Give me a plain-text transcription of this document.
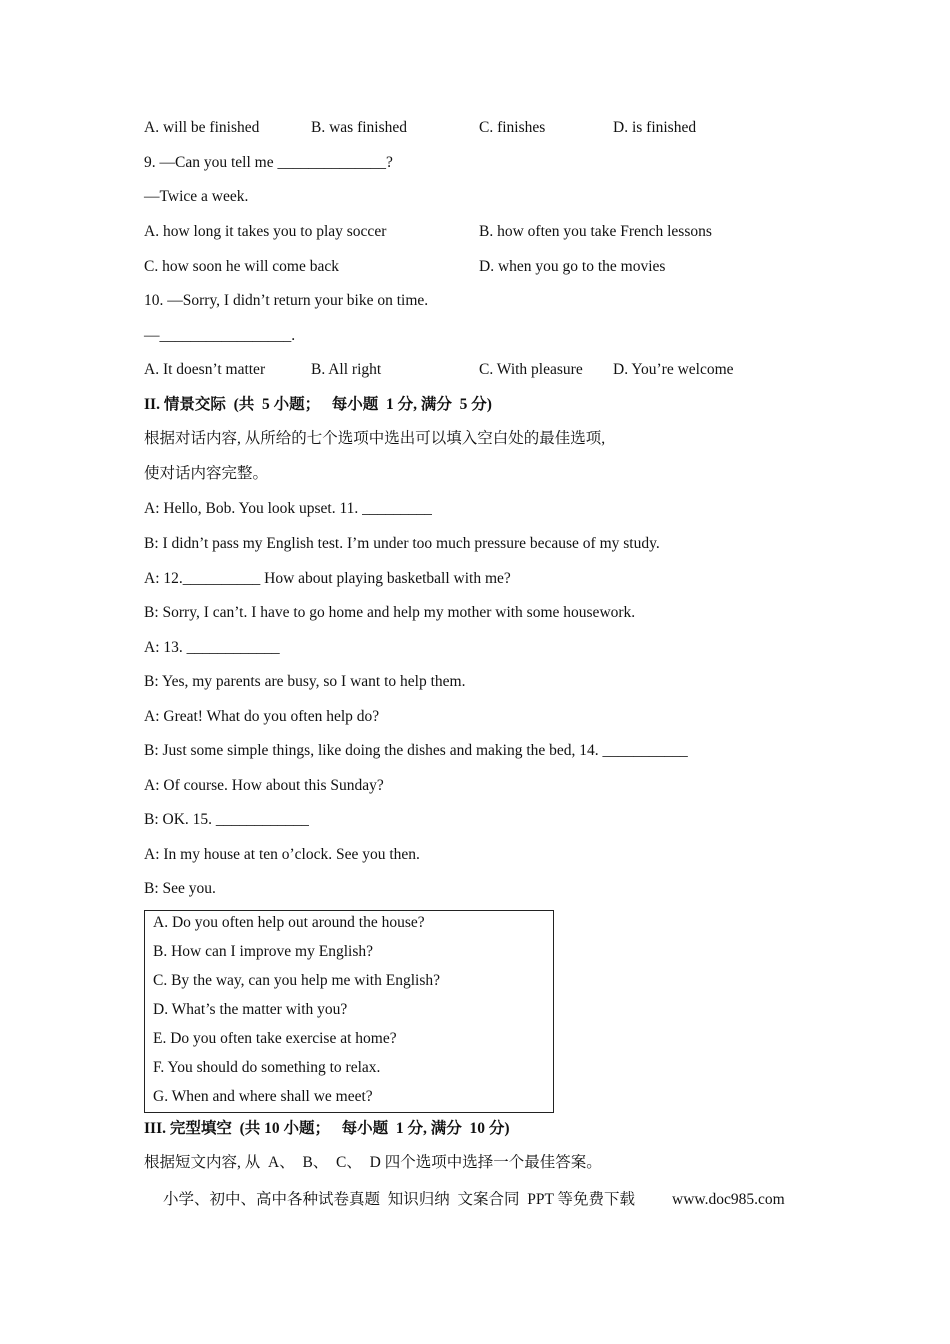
A. will be finished	B. was finished	C. finishes	D. is finished
9. —Can you tell me ______________?
—Twice a week.
A. how long it takes you to play soccer	B. how often you take French lessons
C. how soon he will come back	D. when you go to the movies
10. —Sorry, I didn’t return your bike on time.
—_________________.
A. It doesn’t matter	B. All right	C. With pleasure D. You’re welcome
II. 情景交际  (共  5 小题；   每小题  1 分, 满分  5 分)
根据对话内容, 从所给的七个选项中选出可以填入空白处的最佳选项,
使对话内容完整。
A: Hello, Bob. You look upset. 11. _________
B: I didn’t pass my English test. I’m under too much pressure because of my study.
A: 12.__________ How about playing basketball with me?
B: Sorry, I can’t. I have to go home and help my mother with some housework.
A: 13. ____________
B: Yes, my parents are busy, so I want to help them.
A: Great! What do you often help do?
B: Just some simple things, like doing the dishes and making the bed, 14. ___________
A: Of course. How about this Sunday?
B: OK. 15. ____________
A: In my house at ten o’clock. See you then.
B: See you.
A. Do you often help out around the house?
B. How can I improve my English?
C. By the way, can you help me with English?
D. What’s the matter with you?
E. Do you often take exercise at home?
F. You should do something to relax.
G. When and where shall we meet?
III. 完型填空  (共 10 小题；   每小题  1 分, 满分  10 分)
根据短文内容, 从  A、  B、  C、  D 四个选项中选择一个最佳答案。
小学、初中、高中各种试卷真题  知识归纳  文案合同  PPT 等免费下载 www.doc985.com
